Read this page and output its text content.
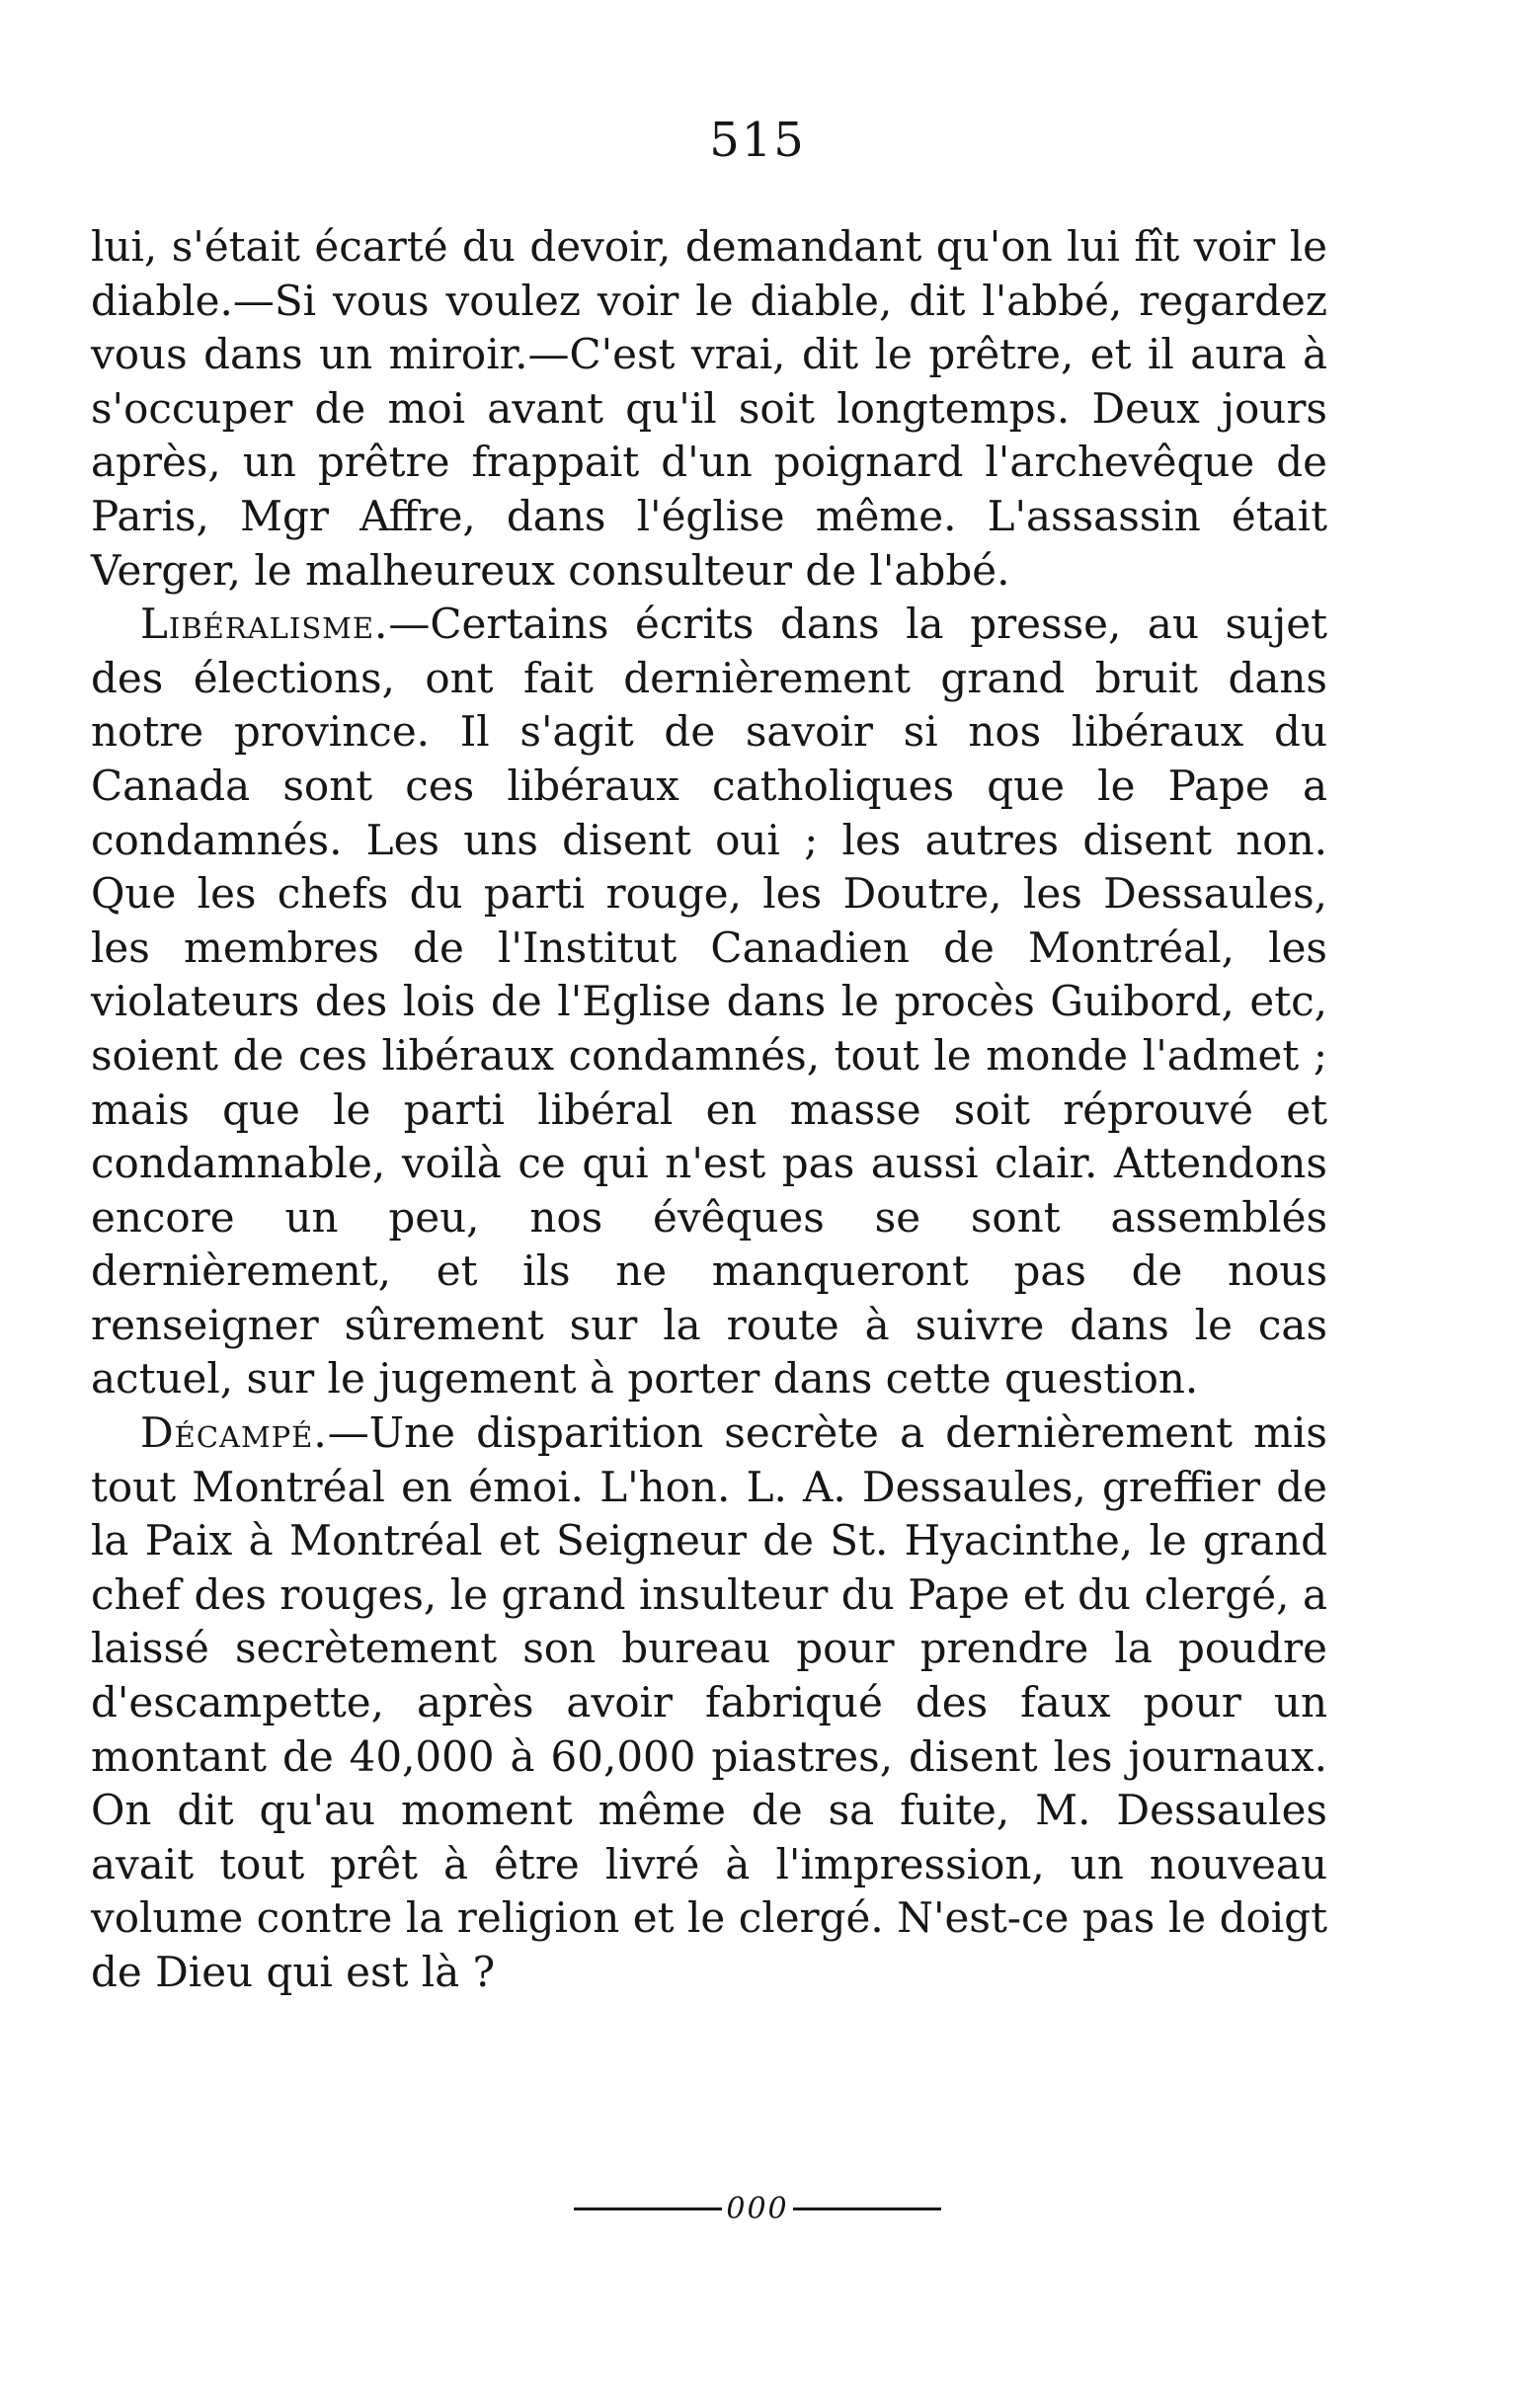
515

lui, s'était écarté du devoir, demandant qu'on lui fît voir le diable.—Si vous voulez voir le diable, dit l'abbé, regardez vous dans un miroir.—C'est vrai, dit le prêtre, et il aura à s'occuper de moi avant qu'il soit longtemps. Deux jours après, un prêtre frappait d'un poignard l'archevêque de Paris, Mgr Affre, dans l'église même. L'assassin était Verger, le malheureux consulteur de l'abbé.

Libéralisme.—Certains écrits dans la presse, au sujet des élections, ont fait dernièrement grand bruit dans notre province. Il s'agit de savoir si nos libéraux du Canada sont ces libéraux catholiques que le Pape a condamnés. Les uns disent oui ; les autres disent non. Que les chefs du parti rouge, les Doutre, les Dessaules, les membres de l'Institut Canadien de Montréal, les violateurs des lois de l'Eglise dans le procès Guibord, etc, soient de ces libéraux condamnés, tout le monde l'admet ; mais que le parti libéral en masse soit réprouvé et condamnable, voilà ce qui n'est pas aussi clair. Attendons encore un peu, nos évêques se sont assemblés dernièrement, et ils ne manqueront pas de nous renseigner sûrement sur la route à suivre dans le cas actuel, sur le jugement à porter dans cette question.

Décampé.—Une disparition secrète a dernièrement mis tout Montréal en émoi. L'hon. L. A. Dessaules, greffier de la Paix à Montréal et Seigneur de St. Hyacinthe, le grand chef des rouges, le grand insulteur du Pape et du clergé, a laissé secrètement son bureau pour prendre la poudre d'escampette, après avoir fabriqué des faux pour un montant de 40,000 à 60,000 piastres, disent les journaux. On dit qu'au moment même de sa fuite, M. Dessaules avait tout prêt à être livré à l'impression, un nouveau volume contre la religion et le clergé. N'est-ce pas le doigt de Dieu qui est là ?

000
